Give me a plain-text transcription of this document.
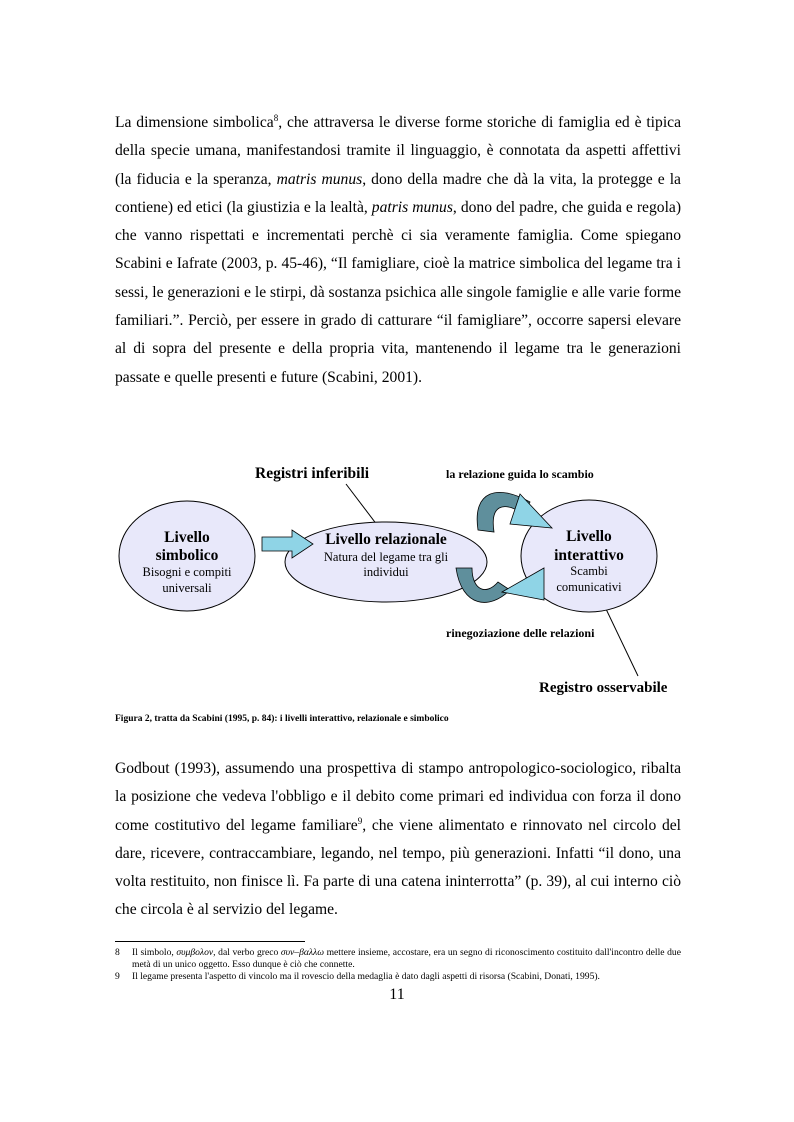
La dimensione simbolica$^8$, che attraversa le diverse forme storiche di famiglia ed è tipica della specie umana, manifestandosi tramite il linguaggio, è connotata da aspetti affettivi (la fiducia e la speranza, matris munus, dono della madre che dà la vita, la protegge e la contiene) ed etici (la giustizia e la lealtà, patris munus, dono del padre, che guida e regola) che vanno rispettati e incrementati perchè ci sia veramente famiglia. Come spiegano Scabini e Iafrate (2003, p. 45-46), “Il famigliare, cioè la matrice simbolica del legame tra i sessi, le generazioni e le stirpi, dà sostanza psichica alle singole famiglie e alle varie forme familiari.”. Perciò, per essere in grado di catturare “il famigliare”, occorre sapersi elevare al di sopra del presente e della propria vita, mantenendo il legame tra le generazioni passate e quelle presenti e future (Scabini, 2001).

Registri inferibili	la relazione guida lo scambio
rinegoziazione delle relazioni
Registro osservabile
Livello
simbolico
Bisogni e compiti
universali
Livello relazionale
Natura del legame tra gli
individui
Livello
interattivo
Scambi
comunicativi
Figura 2, tratta da Scabini (1995, p. 84): i livelli interattivo, relazionale e simbolico

Godbout (1993), assumendo una prospettiva di stampo antropologico-sociologico, ribalta la posizione che vedeva l'obbligo e il debito come primari ed individua con forza il dono come costitutivo del legame familiare$^9$, che viene alimentato e rinnovato nel circolo del dare, ricevere, contraccambiare, legando, nel tempo, più generazioni. Infatti “il dono, una volta restituito, non finisce lì. Fa parte di una catena ininterrotta” (p. 39), al cui interno ciò che circola è al servizio del legame.

8	Il simbolo, συμβολον, dal verbo greco συν–βαλλω mettere insieme, accostare, era un segno di riconoscimento costituito dall'incontro delle due metà di un unico oggetto. Esso dunque è ciò che connette.
9	Il legame presenta l'aspetto di vincolo ma il rovescio della medaglia è dato dagli aspetti di risorsa (Scabini, Donati, 1995).
11
